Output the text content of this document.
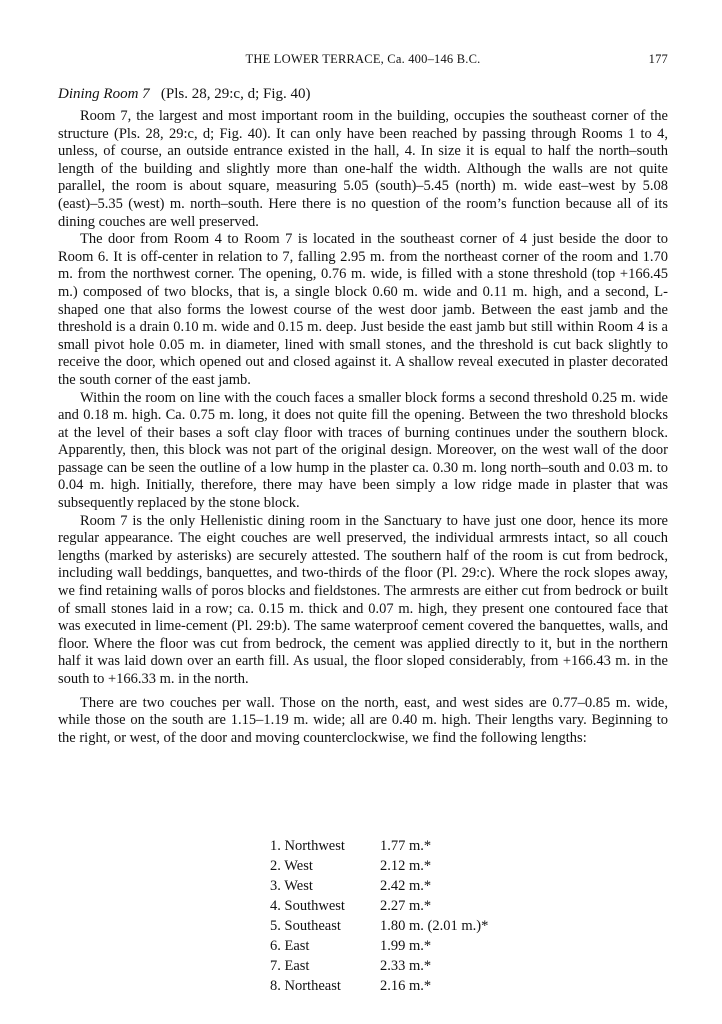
THE LOWER TERRACE, Ca. 400–146 B.C.	177
Dining Room 7 (Pls. 28, 29:c, d; Fig. 40)

Room 7, the largest and most important room in the building, occupies the southeast corner of the structure (Pls. 28, 29:c, d; Fig. 40). It can only have been reached by passing through Rooms 1 to 4, unless, of course, an outside entrance existed in the hall, 4. In size it is equal to half the north–south length of the building and slightly more than one-half the width. Although the walls are not quite parallel, the room is about square, measuring 5.05 (south)–5.45 (north) m. wide east–west by 5.08 (east)–5.35 (west) m. north–south. Here there is no question of the room’s function because all of its dining couches are well preserved.

The door from Room 4 to Room 7 is located in the southeast corner of 4 just beside the door to Room 6. It is off-center in relation to 7, falling 2.95 m. from the northeast corner of the room and 1.70 m. from the northwest corner. The opening, 0.76 m. wide, is filled with a stone threshold (top +166.45 m.) composed of two blocks, that is, a single block 0.60 m. wide and 0.11 m. high, and a second, L-shaped one that also forms the lowest course of the west door jamb. Between the east jamb and the threshold is a drain 0.10 m. wide and 0.15 m. deep. Just beside the east jamb but still within Room 4 is a small pivot hole 0.05 m. in diameter, lined with small stones, and the threshold is cut back slightly to receive the door, which opened out and closed against it. A shallow reveal executed in plaster decorated the south corner of the east jamb.

Within the room on line with the couch faces a smaller block forms a second threshold 0.25 m. wide and 0.18 m. high. Ca. 0.75 m. long, it does not quite fill the opening. Between the two threshold blocks at the level of their bases a soft clay floor with traces of burning continues under the southern block. Apparently, then, this block was not part of the original design. Moreover, on the west wall of the door passage can be seen the outline of a low hump in the plaster ca. 0.30 m. long north–south and 0.03 m. to 0.04 m. high. Initially, therefore, there may have been simply a low ridge made in plaster that was subsequently replaced by the stone block.

Room 7 is the only Hellenistic dining room in the Sanctuary to have just one door, hence its more regular appearance. The eight couches are well preserved, the individual armrests intact, so all couch lengths (marked by asterisks) are securely attested. The southern half of the room is cut from bedrock, including wall beddings, banquettes, and two-thirds of the floor (Pl. 29:c). Where the rock slopes away, we find retaining walls of poros blocks and fieldstones. The armrests are either cut from bedrock or built of small stones laid in a row; ca. 0.15 m. thick and 0.07 m. high, they present one contoured face that was executed in lime-cement (Pl. 29:b). The same waterproof cement covered the banquettes, walls, and floor. Where the floor was cut from bedrock, the cement was applied directly to it, but in the northern half it was laid down over an earth fill. As usual, the floor sloped considerably, from +166.43 m. in the south to +166.33 m. in the north.

There are two couches per wall. Those on the north, east, and west sides are 0.77–0.85 m. wide, while those on the south are 1.15–1.19 m. wide; all are 0.40 m. high. Their lengths vary. Beginning to the right, or west, of the door and moving counterclockwise, we find the following lengths:

1. Northwest	1.77 m.*
2. West	2.12 m.*
3. West	2.42 m.*
4. Southwest	2.27 m.*
5. Southeast	1.80 m. (2.01 m.)*
6. East	1.99 m.*
7. East	2.33 m.*
8. Northeast	2.16 m.*
